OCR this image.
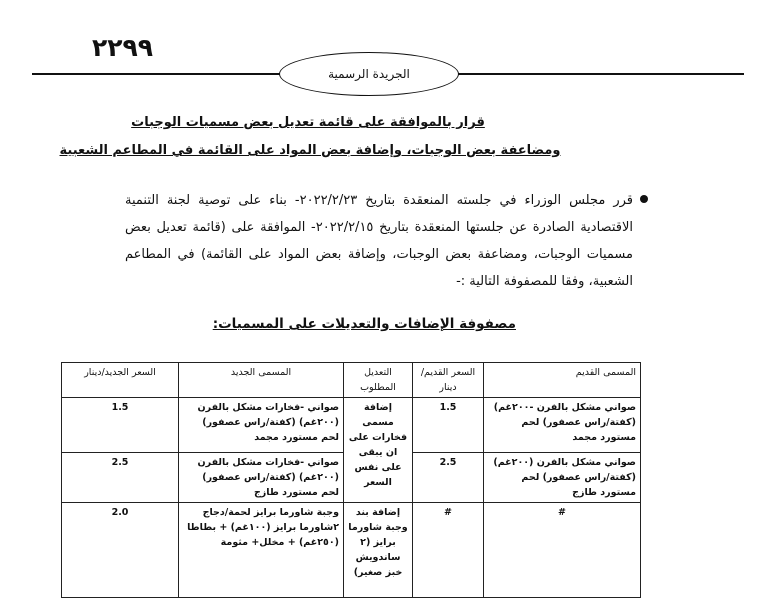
٢٢٩٩
الجريدة الرسمية
قرار بالموافقة على قائمة تعديل بعض مسميات الوجبات
ومضاعفة بعض الوجبات، وإضافة بعض المواد على القائمة في المطاعم الشعبية
قرر مجلس الوزراء في جلسته المنعقدة بتاريخ ٢٠٢٢/٢/٢٣- بناء على توصية لجنة التنمية الاقتصادية الصادرة عن جلستها المنعقدة بتاريخ ٢٠٢٢/٢/١٥- الموافقة على (قائمة تعديل بعض مسميات الوجبات، ومضاعفة بعض الوجبات، وإضافة بعض المواد على القائمة) في المطاعم الشعبية، وفقا للمصفوفة التالية :-
مصفوفة الإضافات والتعديلات على المسميات:
المسمى القديم	السعر القديم/دينار	التعديل المطلوب	المسمى الجديد	السعر الجديد/دينار
صواني مشكل بالفرن -٢٠٠غم) (كفتة/راس عصفور) لحم مستورد مجمد	1.5	إضافة مسمى فخارات على ان يبقى على نفس السعر	صواني -فخارات مشكل بالفرن (٢٠٠غم) (كفتة/راس عصفور) لحم مستورد مجمد	1.5
صواني مشكل بالفرن (٢٠٠غم) (كفتة/راس عصفور) لحم مستورد طازج	2.5		صواني -فخارات مشكل بالفرن (٢٠٠غم) (كفتة/راس عصفور) لحم مستورد طازج	2.5
#	#	إضافة بند وجبة شاورما برايز (٢ ساندويش خبز صغير)	وجبة شاورما برايز لحمة/دجاج ٢شاورما برايز (١٠٠غم) + بطاطا (٢٥٠غم) + مخلل+ مثومة	2.0
